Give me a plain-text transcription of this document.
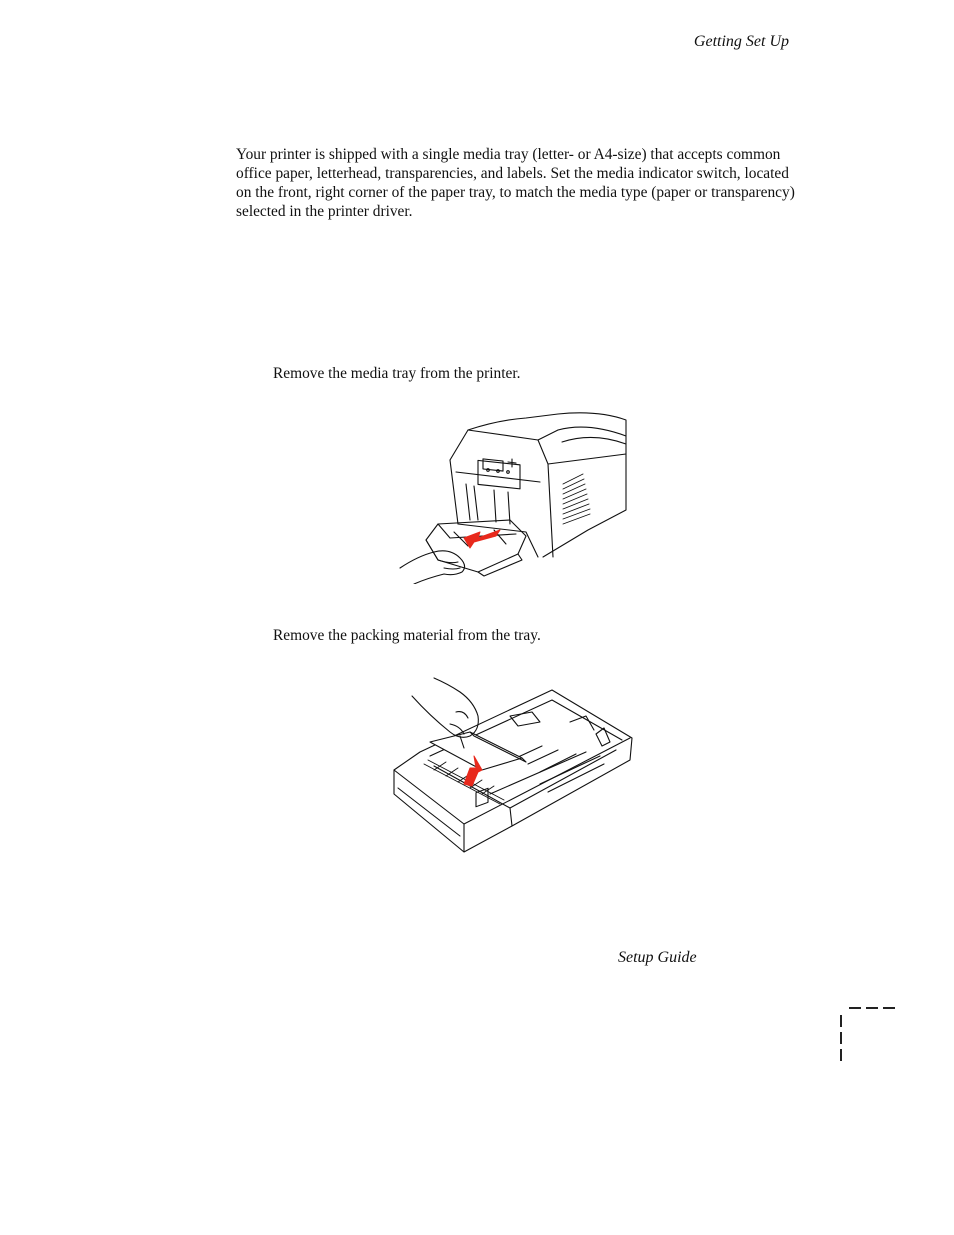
Getting Set Up

Your printer is shipped with a single media tray (letter- or A4-size) that accepts common office paper, letterhead, transparencies, and labels. Set the media indicator switch, located on the front, right corner of the paper tray, to match the media type (paper or transparency) selected in the printer driver.

Remove the media tray from the printer.

Remove the packing material from the tray.

Setup Guide
